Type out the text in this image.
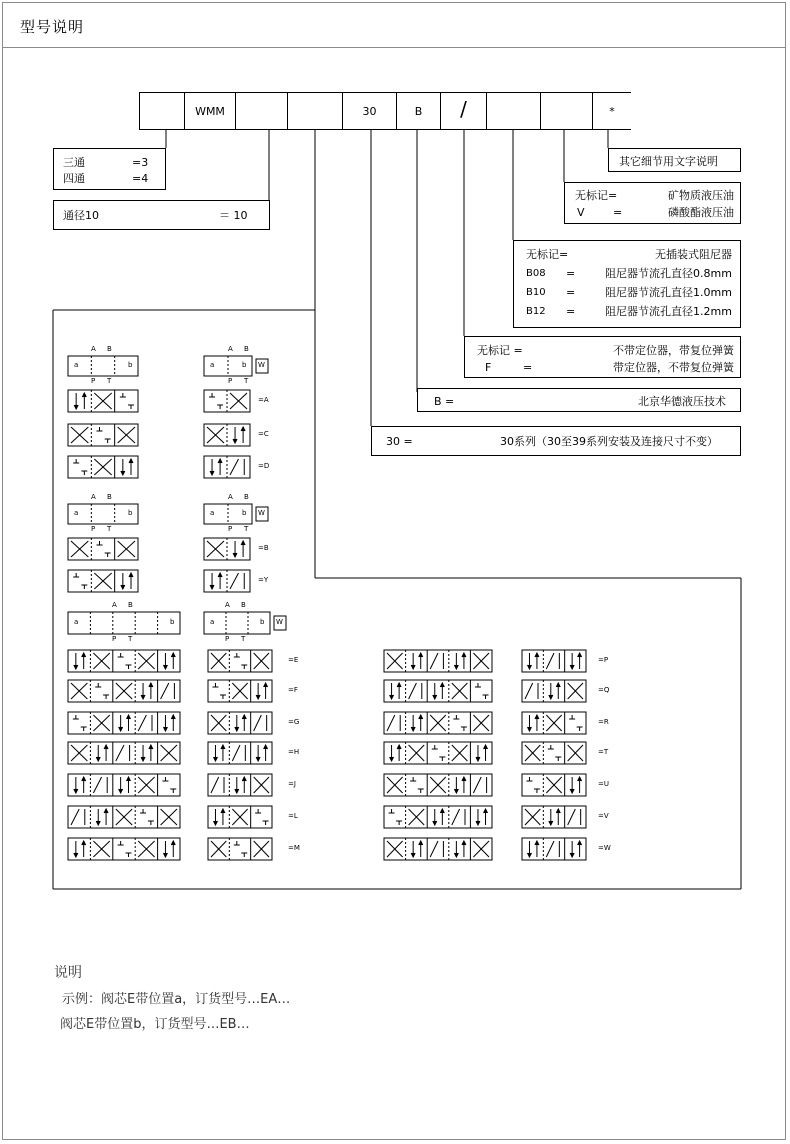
型号说明
WMM	30	B	/	*
三通	=3
四通	=4
通径10	＝ 10
其它细节用文字说明
无标记=	矿物质液压油
V	=	磷酸酯液压油
无标记=	无插装式阻尼器
B08 =	阻尼器节流孔直径0.8mm
B10 =	阻尼器节流孔直径1.0mm
B12 =	阻尼器节流孔直径1.2mm
无标记 =	不带定位器，带复位弹簧
F	=	带定位器，不带复位弹簧
B =	北京华德液压技术
30 =	30系列（30至39系列安装及连接尺寸不变）
a	b
A B
P T
a	b
A B
P T
W
=A
=C
=D
a	b
A B
P T
a	b
A B
P T
W
=B
=Y
a	b
A B
P T
a	b
A B
P T
W
=E	=P
=F	=Q
=G	=R
=H	=T
=J	=U
=L	=V
=M	=W
说明
示例：阀芯E带位置a，订货型号…EA…
阀芯E带位置b，订货型号…EB…
